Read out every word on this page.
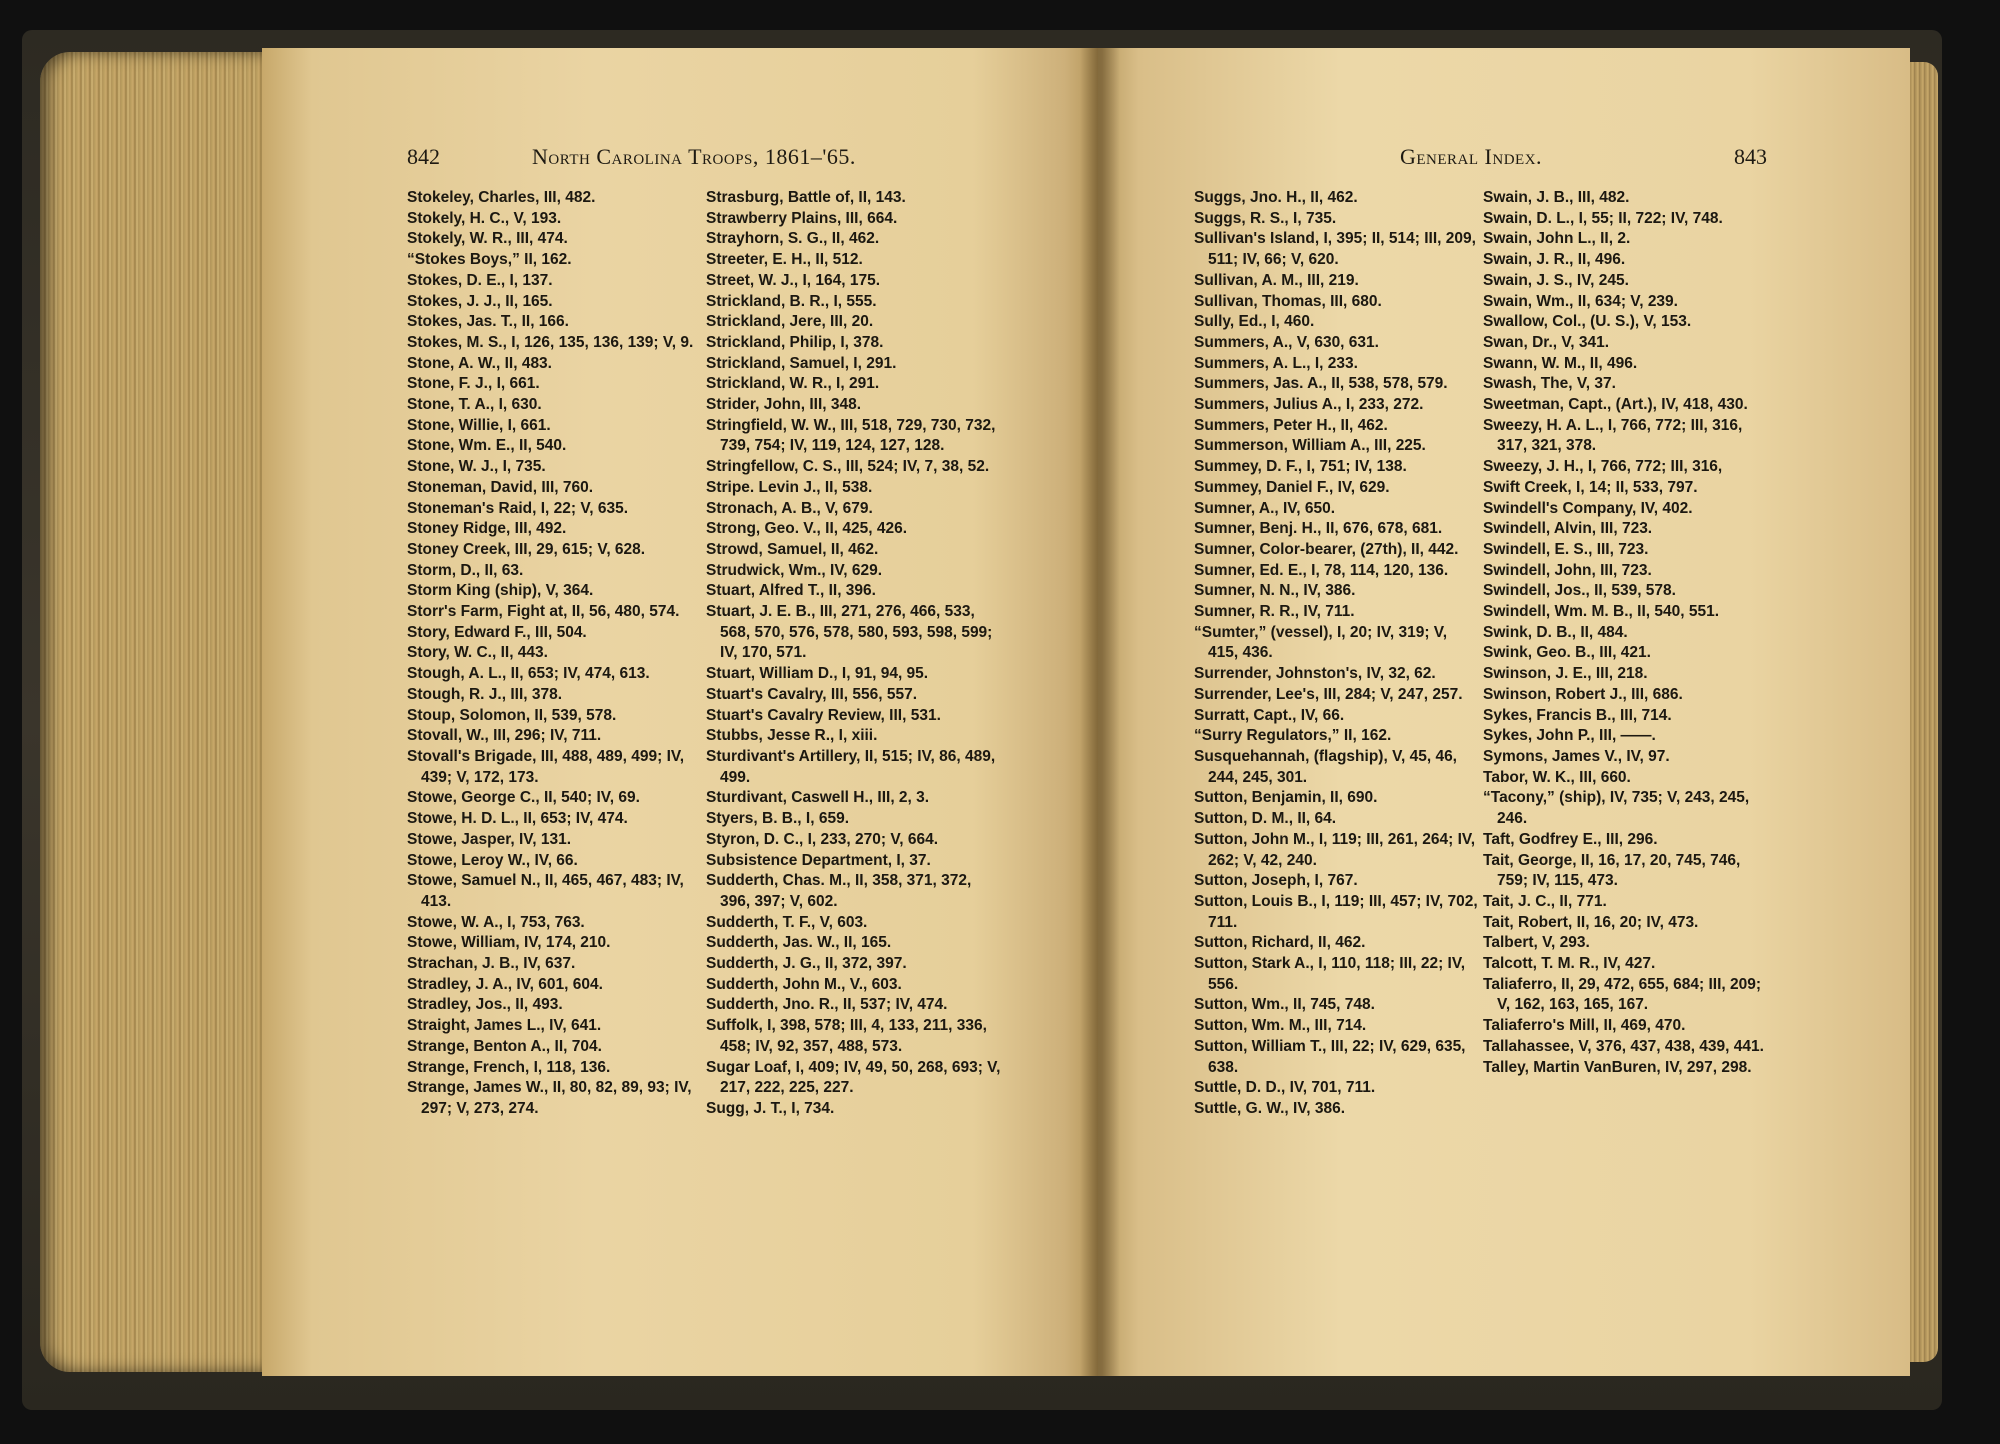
842	North Carolina Troops, 1861–'65.	General Index.	843
Stokeley, Charles, III, 482.
Stokely, H. C., V, 193.
Stokely, W. R., III, 474.
“Stokes Boys,” II, 162.
Stokes, D. E., I, 137.
Stokes, J. J., II, 165.
Stokes, Jas. T., II, 166.
Stokes, M. S., I, 126, 135, 136, 139; V, 9.
Stone, A. W., II, 483.
Stone, F. J., I, 661.
Stone, T. A., I, 630.
Stone, Willie, I, 661.
Stone, Wm. E., II, 540.
Stone, W. J., I, 735.
Stoneman, David, III, 760.
Stoneman's Raid, I, 22; V, 635.
Stoney Ridge, III, 492.
Stoney Creek, III, 29, 615; V, 628.
Storm, D., II, 63.
Storm King (ship), V, 364.
Storr's Farm, Fight at, II, 56, 480, 574.
Story, Edward F., III, 504.
Story, W. C., II, 443.
Stough, A. L., II, 653; IV, 474, 613.
Stough, R. J., III, 378.
Stoup, Solomon, II, 539, 578.
Stovall, W., III, 296; IV, 711.
Stovall's Brigade, III, 488, 489, 499; IV, 439; V, 172, 173.
Stowe, George C., II, 540; IV, 69.
Stowe, H. D. L., II, 653; IV, 474.
Stowe, Jasper, IV, 131.
Stowe, Leroy W., IV, 66.
Stowe, Samuel N., II, 465, 467, 483; IV, 413.
Stowe, W. A., I, 753, 763.
Stowe, William, IV, 174, 210.
Strachan, J. B., IV, 637.
Stradley, J. A., IV, 601, 604.
Stradley, Jos., II, 493.
Straight, James L., IV, 641.
Strange, Benton A., II, 704.
Strange, French, I, 118, 136.
Strange, James W., II, 80, 82, 89, 93; IV, 297; V, 273, 274.
Strasburg, Battle of, II, 143.
Strawberry Plains, III, 664.
Strayhorn, S. G., II, 462.
Streeter, E. H., II, 512.
Street, W. J., I, 164, 175.
Strickland, B. R., I, 555.
Strickland, Jere, III, 20.
Strickland, Philip, I, 378.
Strickland, Samuel, I, 291.
Strickland, W. R., I, 291.
Strider, John, III, 348.
Stringfield, W. W., III, 518, 729, 730, 732, 739, 754; IV, 119, 124, 127, 128.
Stringfellow, C. S., III, 524; IV, 7, 38, 52.
Stripe. Levin J., II, 538.
Stronach, A. B., V, 679.
Strong, Geo. V., II, 425, 426.
Strowd, Samuel, II, 462.
Strudwick, Wm., IV, 629.
Stuart, Alfred T., II, 396.
Stuart, J. E. B., III, 271, 276, 466, 533, 568, 570, 576, 578, 580, 593, 598, 599; IV, 170, 571.
Stuart, William D., I, 91, 94, 95.
Stuart's Cavalry, III, 556, 557.
Stuart's Cavalry Review, III, 531.
Stubbs, Jesse R., I, xiii.
Sturdivant's Artillery, II, 515; IV, 86, 489, 499.
Sturdivant, Caswell H., III, 2, 3.
Styers, B. B., I, 659.
Styron, D. C., I, 233, 270; V, 664.
Subsistence Department, I, 37.
Sudderth, Chas. M., II, 358, 371, 372, 396, 397; V, 602.
Sudderth, T. F., V, 603.
Sudderth, Jas. W., II, 165.
Sudderth, J. G., II, 372, 397.
Sudderth, John M., V., 603.
Sudderth, Jno. R., II, 537; IV, 474.
Suffolk, I, 398, 578; III, 4, 133, 211, 336, 458; IV, 92, 357, 488, 573.
Sugar Loaf, I, 409; IV, 49, 50, 268, 693; V, 217, 222, 225, 227.
Sugg, J. T., I, 734.
Suggs, Jno. H., II, 462.
Suggs, R. S., I, 735.
Sullivan's Island, I, 395; II, 514; III, 209, 511; IV, 66; V, 620.
Sullivan, A. M., III, 219.
Sullivan, Thomas, III, 680.
Sully, Ed., I, 460.
Summers, A., V, 630, 631.
Summers, A. L., I, 233.
Summers, Jas. A., II, 538, 578, 579.
Summers, Julius A., I, 233, 272.
Summers, Peter H., II, 462.
Summerson, William A., III, 225.
Summey, D. F., I, 751; IV, 138.
Summey, Daniel F., IV, 629.
Sumner, A., IV, 650.
Sumner, Benj. H., II, 676, 678, 681.
Sumner, Color-bearer, (27th), II, 442.
Sumner, Ed. E., I, 78, 114, 120, 136.
Sumner, N. N., IV, 386.
Sumner, R. R., IV, 711.
“Sumter,” (vessel), I, 20; IV, 319; V, 415, 436.
Surrender, Johnston's, IV, 32, 62.
Surrender, Lee's, III, 284; V, 247, 257.
Surratt, Capt., IV, 66.
“Surry Regulators,” II, 162.
Susquehannah, (flagship), V, 45, 46, 244, 245, 301.
Sutton, Benjamin, II, 690.
Sutton, D. M., II, 64.
Sutton, John M., I, 119; III, 261, 264; IV, 262; V, 42, 240.
Sutton, Joseph, I, 767.
Sutton, Louis B., I, 119; III, 457; IV, 702, 711.
Sutton, Richard, II, 462.
Sutton, Stark A., I, 110, 118; III, 22; IV, 556.
Sutton, Wm., II, 745, 748.
Sutton, Wm. M., III, 714.
Sutton, William T., III, 22; IV, 629, 635, 638.
Suttle, D. D., IV, 701, 711.
Suttle, G. W., IV, 386.
Swain, J. B., III, 482.
Swain, D. L., I, 55; II, 722; IV, 748.
Swain, John L., II, 2.
Swain, J. R., II, 496.
Swain, J. S., IV, 245.
Swain, Wm., II, 634; V, 239.
Swallow, Col., (U. S.), V, 153.
Swan, Dr., V, 341.
Swann, W. M., II, 496.
Swash, The, V, 37.
Sweetman, Capt., (Art.), IV, 418, 430.
Sweezy, H. A. L., I, 766, 772; III, 316, 317, 321, 378.
Sweezy, J. H., I, 766, 772; III, 316,
Swift Creek, I, 14; II, 533, 797.
Swindell's Company, IV, 402.
Swindell, Alvin, III, 723.
Swindell, E. S., III, 723.
Swindell, John, III, 723.
Swindell, Jos., II, 539, 578.
Swindell, Wm. M. B., II, 540, 551.
Swink, D. B., II, 484.
Swink, Geo. B., III, 421.
Swinson, J. E., III, 218.
Swinson, Robert J., III, 686.
Sykes, Francis B., III, 714.
Sykes, John P., III, ——.
Symons, James V., IV, 97.
Tabor, W. K., III, 660.
“Tacony,” (ship), IV, 735; V, 243, 245, 246.
Taft, Godfrey E., III, 296.
Tait, George, II, 16, 17, 20, 745, 746, 759; IV, 115, 473.
Tait, J. C., II, 771.
Tait, Robert, II, 16, 20; IV, 473.
Talbert, V, 293.
Talcott, T. M. R., IV, 427.
Taliaferro, II, 29, 472, 655, 684; III, 209; V, 162, 163, 165, 167.
Taliaferro's Mill, II, 469, 470.
Tallahassee, V, 376, 437, 438, 439, 441.
Talley, Martin VanBuren, IV, 297, 298.
